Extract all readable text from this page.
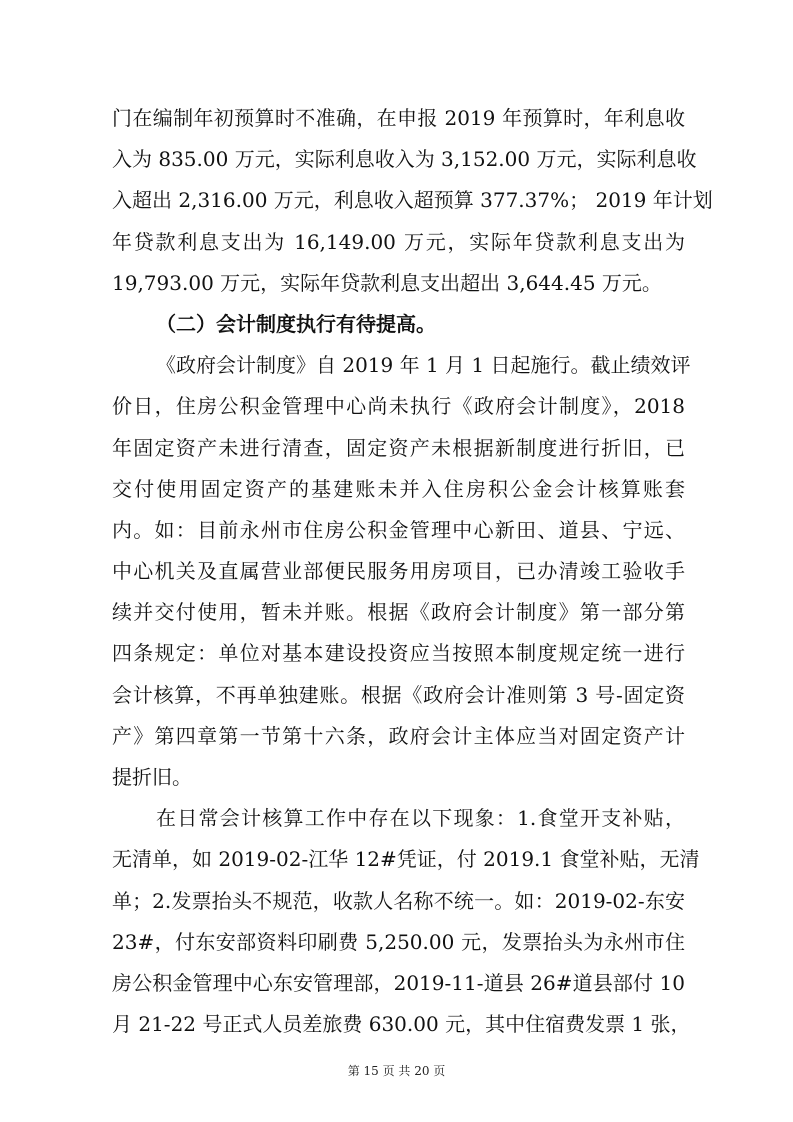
门在编制年初预算时不准确，在申报 2019 年预算时，年利息收
入为 835.00 万元，实际利息收入为 3,152.00 万元，实际利息收
入超出 2,316.00 万元，利息收入超预算 377.37%； 2019 年计划
年贷款利息支出为 16,149.00 万元，实际年贷款利息支出为
19,793.00 万元，实际年贷款利息支出超出 3,644.45 万元。
（二）会计制度执行有待提高。
《政府会计制度》自 2019 年 1 月 1 日起施行。截止绩效评
价日，住房公积金管理中心尚未执行《政府会计制度》，2018
年固定资产未进行清查，固定资产未根据新制度进行折旧，已
交付使用固定资产的基建账未并入住房积公金会计核算账套
内。如：目前永州市住房公积金管理中心新田、道县、宁远、
中心机关及直属营业部便民服务用房项目，已办清竣工验收手
续并交付使用，暂未并账。根据《政府会计制度》第一部分第
四条规定：单位对基本建设投资应当按照本制度规定统一进行
会计核算，不再单独建账。根据《政府会计准则第 3 号-固定资
产》第四章第一节第十六条，政府会计主体应当对固定资产计
提折旧。
在日常会计核算工作中存在以下现象：1.食堂开支补贴，
无清单，如 2019-02-江华 12#凭证，付 2019.1 食堂补贴，无清
单；2.发票抬头不规范，收款人名称不统一。如：2019-02-东安
23#，付东安部资料印刷费 5,250.00 元，发票抬头为永州市住
房公积金管理中心东安管理部，2019-11-道县 26#道县部付 10
月 21-22 号正式人员差旅费 630.00 元，其中住宿费发票 1 张，
第 15 页 共 20 页
